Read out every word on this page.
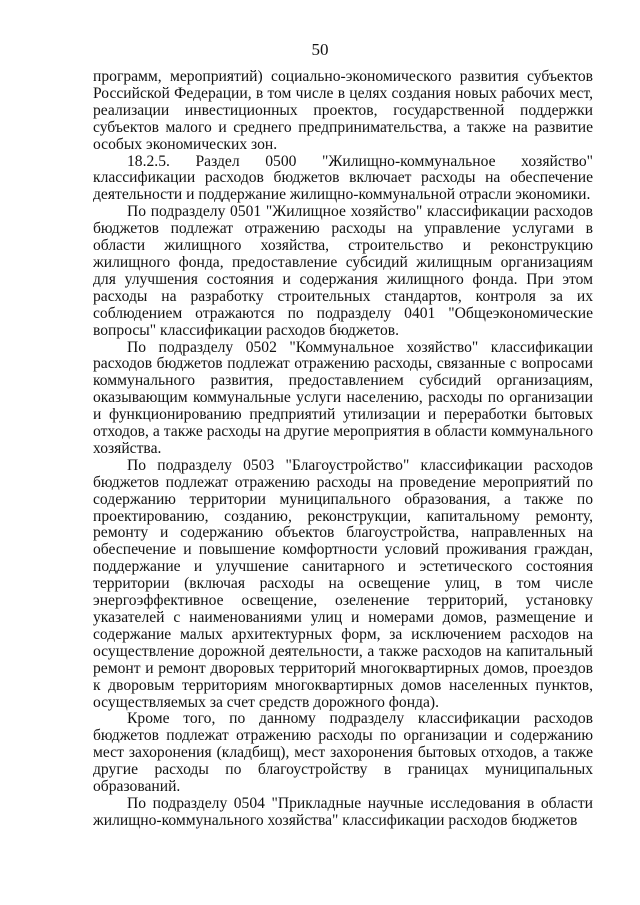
50

программ, мероприятий) социально-экономического развития субъектов Российской Федерации, в том числе в целях создания новых рабочих мест, реализации инвестиционных проектов, государственной поддержки субъектов малого и среднего предпринимательства, а также на развитие особых экономических зон.

18.2.5. Раздел 0500 "Жилищно-коммунальное хозяйство"

классификации расходов бюджетов включает расходы на обеспечение деятельности и поддержание жилищно-коммунальной отрасли экономики.

По подразделу 0501 "Жилищное хозяйство" классификации расходов бюджетов подлежат отражению расходы на управление услугами в области жилищного хозяйства, строительство и реконструкцию жилищного фонда, предоставление субсидий жилищным организациям для улучшения состояния и содержания жилищного фонда. При этом расходы на разработку строительных стандартов, контроля за их соблюдением отражаются по подразделу 0401 "Общеэкономические вопросы" классификации расходов бюджетов.

По подразделу 0502 "Коммунальное хозяйство" классификации расходов бюджетов подлежат отражению расходы, связанные с вопросами коммунального развития, предоставлением субсидий организациям, оказывающим коммунальные услуги населению, расходы по организации и функционированию предприятий утилизации и переработки бытовых отходов, а также расходы на другие мероприятия в области коммунального хозяйства.

По подразделу 0503 "Благоустройство" классификации расходов бюджетов подлежат отражению расходы на проведение мероприятий по содержанию территории муниципального образования, а также по проектированию, созданию, реконструкции, капитальному ремонту, ремонту и содержанию объектов благоустройства, направленных на обеспечение и повышение комфортности условий проживания граждан, поддержание и улучшение санитарного и эстетического состояния территории (включая расходы на освещение улиц, в том числе энергоэффективное освещение, озеленение территорий, установку указателей с наименованиями улиц и номерами домов, размещение и содержание малых архитектурных форм, за исключением расходов на осуществление дорожной деятельности, а также расходов на капитальный ремонт и ремонт дворовых территорий многоквартирных домов, проездов к дворовым территориям многоквартирных домов населенных пунктов, осуществляемых за счет средств дорожного фонда).

Кроме того, по данному подразделу классификации расходов бюджетов подлежат отражению расходы по организации и содержанию мест захоронения (кладбищ), мест захоронения бытовых отходов, а также другие расходы по благоустройству в границах муниципальных образований.

По подразделу 0504 "Прикладные научные исследования в области жилищно-коммунального хозяйства" классификации расходов бюджетов
